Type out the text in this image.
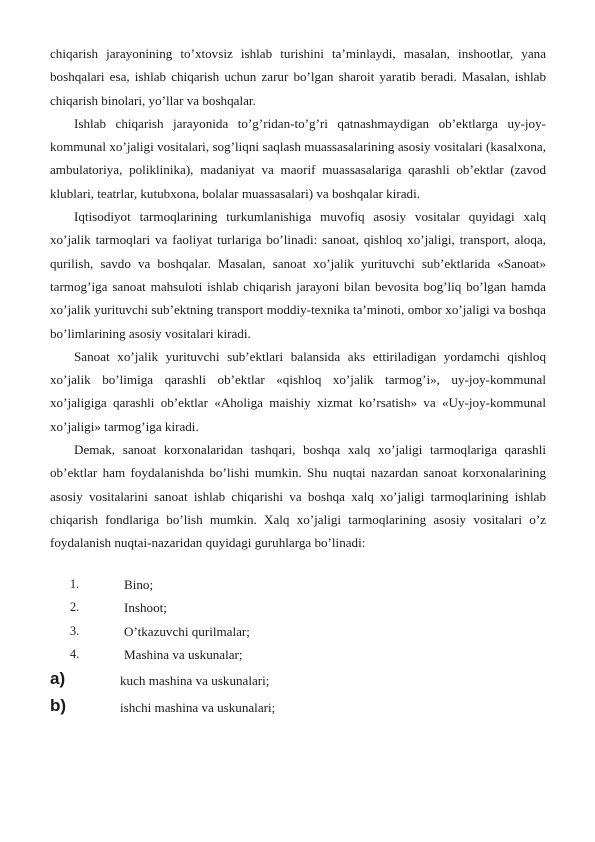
chiqarish jarayonining to’xtovsiz ishlab turishini ta’minlaydi, masalan, inshootlar, yana boshqalari esa, ishlab chiqarish uchun zarur bo’lgan sharoit yaratib beradi. Masalan, ishlab chiqarish binolari, yo’llar va boshqalar.

Ishlab chiqarish jarayonida to’g’ridan-to’g’ri qatnashmaydigan ob’ektlarga uy-joy-kommunal xo’jaligi vositalari, sog’liqni saqlash muassasalarining asosiy vositalari (kasalxona, ambulatoriya, poliklinika), madaniyat va maorif muassasalariga qarashli ob’ektlar (zavod klublari, teatrlar, kutubxona, bolalar muassasalari) va boshqalar kiradi.

Iqtisodiyot tarmoqlarining turkumlanishiga muvofiq asosiy vositalar quyidagi xalq xo’jalik tarmoqlari va faoliyat turlariga bo’linadi: sanoat, qishloq xo’jaligi, transport, aloqa, qurilish, savdo va boshqalar. Masalan, sanoat xo’jalik yurituvchi sub’ektlarida «Sanoat» tarmog’iga sanoat mahsuloti ishlab chiqarish jarayoni bilan bevosita bog’liq bo’lgan hamda xo’jalik yurituvchi sub’ektning transport moddiy-texnika ta’minoti, ombor xo’jaligi va boshqa bo’limlarining asosiy vositalari kiradi.

Sanoat xo’jalik yurituvchi sub’ektlari balansida aks ettiriladigan yordamchi qishloq xo’jalik bo’limiga qarashli ob’ektlar «qishloq xo’jalik tarmog’i», uy-joy-kommunal xo’jaligiga qarashli ob’ektlar «Aholiga maishiy xizmat ko’rsatish» va «Uy-joy-kommunal xo’jaligi» tarmog’iga kiradi.

Demak, sanoat korxonalaridan tashqari, boshqa xalq xo’jaligi tarmoqlariga qarashli ob’ektlar ham foydalanishda bo’lishi mumkin. Shu nuqtai nazardan sanoat korxonalarining asosiy vositalarini sanoat ishlab chiqarishi va boshqa xalq xo’jaligi tarmoqlarining ishlab chiqarish fondlariga bo’lish mumkin. Xalq xo’jaligi tarmoqlarining asosiy vositalari o’z foydalanish nuqtai-nazaridan quyidagi guruhlarga bo’linadi:

1.	Bino;
2.	Inshoot;
3.	O’tkazuvchi qurilmalar;
4.	Mashina va uskunalar;
a)	kuch mashina va uskunalari;
b)	ishchi mashina va uskunalari;
